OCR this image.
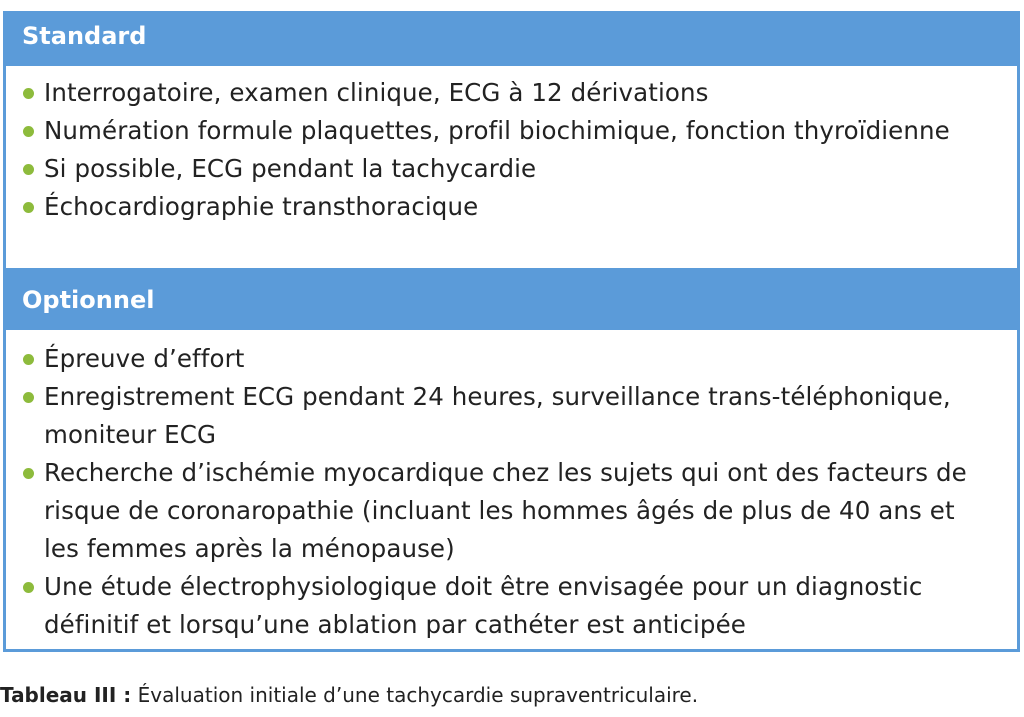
Standard
Interrogatoire, examen clinique, ECG à 12 dérivations
Numération formule plaquettes, profil biochimique, fonction thyroïdienne
Si possible, ECG pendant la tachycardie
Échocardiographie transthoracique
Optionnel
Épreuve d’effort
Enregistrement ECG pendant 24 heures, surveillance trans-téléphonique, moniteur ECG
Recherche d’ischémie myocardique chez les sujets qui ont des facteurs de risque de coronaropathie (incluant les hommes âgés de plus de 40 ans et les femmes après la ménopause)
Une étude électrophysiologique doit être envisagée pour un diagnostic définitif et lorsqu’une ablation par cathéter est anticipée
Tableau III : Évaluation initiale d’une tachycardie supraventriculaire.
